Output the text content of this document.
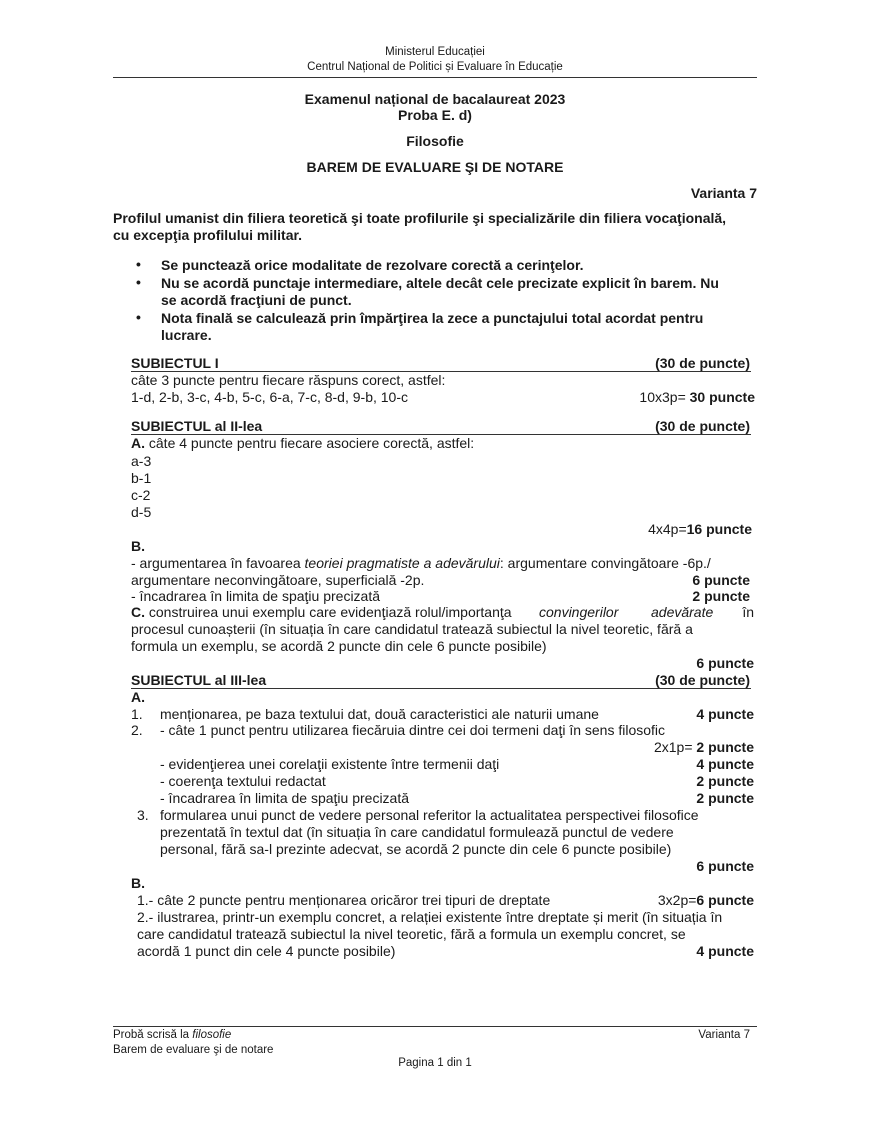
Ministerul Educației
Centrul Național de Politici și Evaluare în Educație
Examenul național de bacalaureat 2023
Proba E. d)
Filosofie
BAREM DE EVALUARE ŞI DE NOTARE
Varianta 7
Profilul umanist din filiera teoretică şi toate profilurile şi specializările din filiera vocaţională,
cu excepţia profilului militar.
• Se punctează orice modalitate de rezolvare corectă a cerinţelor.
• Nu se acordă punctaje intermediare, altele decât cele precizate explicit în barem. Nu
se acordă fracţiuni de punct.
• Nota finală se calculează prin împărţirea la zece a punctajului total acordat pentru
lucrare.
SUBIECTUL I	(30 de puncte)
câte 3 puncte pentru fiecare răspuns corect, astfel:
1-d, 2-b, 3-c, 4-b, 5-c, 6-a, 7-c, 8-d, 9-b, 10-c	10x3p= 30 puncte
SUBIECTUL al II-lea	(30 de puncte)
A. câte 4 puncte pentru fiecare asociere corectă, astfel:
a-3
b-1
c-2
d-5
4x4p=16 puncte
B.
- argumentarea în favoarea teoriei pragmatiste a adevărului: argumentare convingătoare -6p./
argumentare neconvingătoare, superficială -2p.	6 puncte
- încadrarea în limita de spaţiu precizată	2 puncte
C. construirea unui exemplu care evidenţiază rolul/importanţa convingerilor adevărate în
procesul cunoașterii (în situația în care candidatul tratează subiectul la nivel teoretic, fără a
formula un exemplu, se acordă 2 puncte din cele 6 puncte posibile)
6 puncte
SUBIECTUL al III-lea	(30 de puncte)
A.
1. menționarea, pe baza textului dat, două caracteristici ale naturii umane	4 puncte
2. - câte 1 punct pentru utilizarea fiecăruia dintre cei doi termeni daţi în sens filosofic
2x1p= 2 puncte
- evidenţierea unei corelaţii existente între termenii daţi	4 puncte
- coerenţa textului redactat	2 puncte
- încadrarea în limita de spaţiu precizată	2 puncte
3. formularea unui punct de vedere personal referitor la actualitatea perspectivei filosofice
prezentată în textul dat (în situația în care candidatul formulează punctul de vedere
personal, fără sa-l prezinte adecvat, se acordă 2 puncte din cele 6 puncte posibile)
6 puncte
B.
1.- câte 2 puncte pentru menționarea oricăror trei tipuri de dreptate	3x2p=6 puncte
2.- ilustrarea, printr-un exemplu concret, a relației existente între dreptate și merit (în situația în
care candidatul tratează subiectul la nivel teoretic, fără a formula un exemplu concret, se
acordă 1 punct din cele 4 puncte posibile)	4 puncte
Probă scrisă la filosofie	Varianta 7
Barem de evaluare şi de notare
Pagina 1 din 1
